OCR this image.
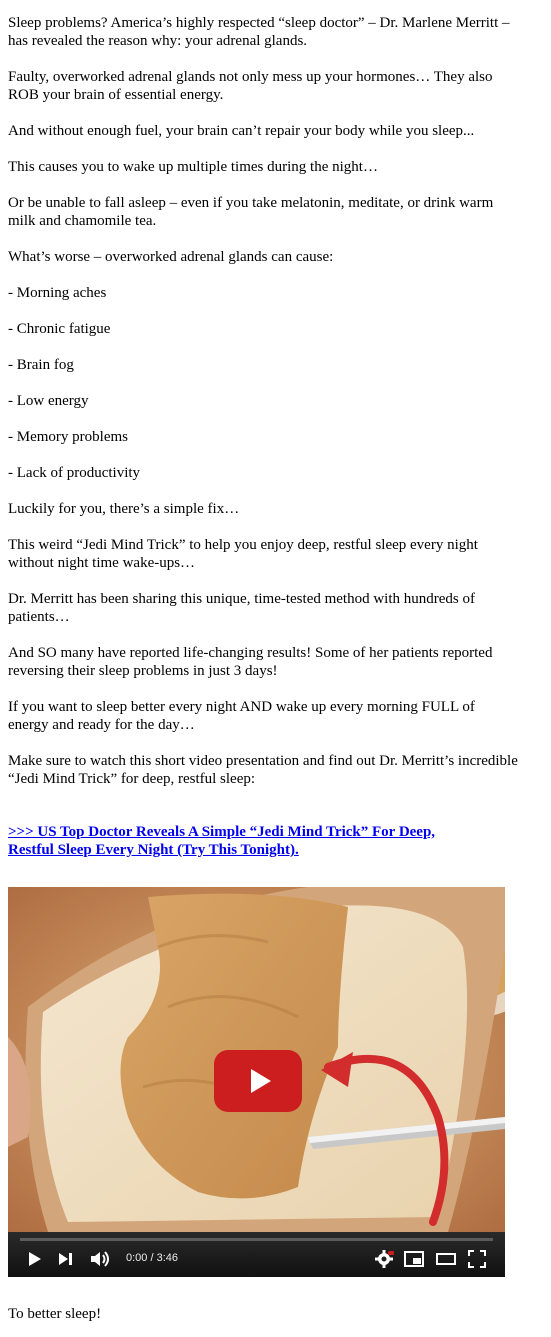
Sleep problems? America’s highly respected “sleep doctor” – Dr. Marlene Merritt – has revealed the reason why: your adrenal glands.

Faulty, overworked adrenal glands not only mess up your hormones… They also ROB your brain of essential energy.

And without enough fuel, your brain can’t repair your body while you sleep...

This causes you to wake up multiple times during the night…

Or be unable to fall asleep – even if you take melatonin, meditate, or drink warm milk and chamomile tea.

What’s worse – overworked adrenal glands can cause:

- Morning aches

- Chronic fatigue

- Brain fog

- Low energy

- Memory problems

- Lack of productivity

Luckily for you, there’s a simple fix…

This weird “Jedi Mind Trick” to help you enjoy deep, restful sleep every night without night time wake-ups…

Dr. Merritt has been sharing this unique, time-tested method with hundreds of patients…

And SO many have reported life-changing results! Some of her patients reported reversing their sleep problems in just 3 days!

If you want to sleep better every night AND wake up every morning FULL of energy and ready for the day…

Make sure to watch this short video presentation and find out Dr. Merritt’s incredible “Jedi Mind Trick” for deep, restful sleep:

>>> US Top Doctor Reveals A Simple “Jedi Mind Trick” For Deep, Restful Sleep Every Night (Try This Tonight).
0:00 / 3:46

To better sleep!
